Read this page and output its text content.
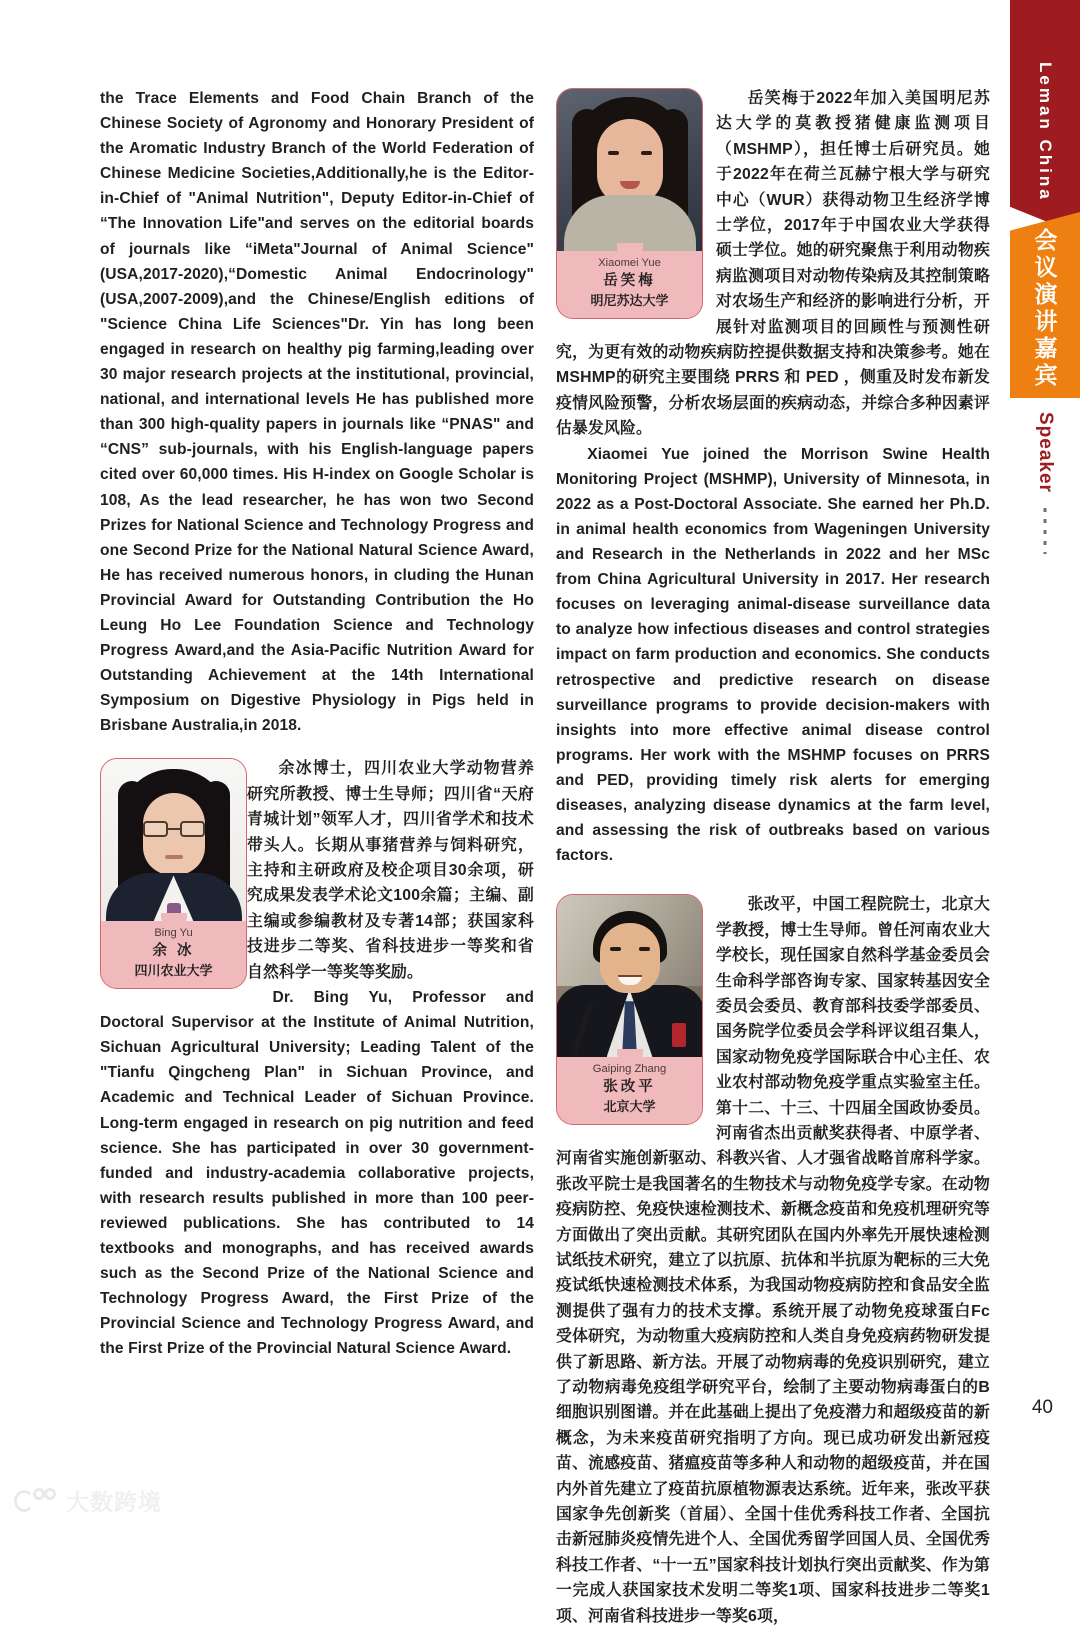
Leman China
会议演讲嘉宾
Speaker

the Trace Elements and Food Chain Branch of the Chinese Society of Agronomy and Honorary President of the Aromatic Industry Branch of the World Federation of Chinese Medicine Societies,Additionally,he is the Editor-in-Chief of "Animal Nutrition", Deputy Editor-in-Chief of “The Innovation Life"and serves on the editorial boards of journals like “iMeta"Journal of Animal Science"(USA,2017-2020),“Domestic Animal Endocrinology"(USA,2007-2009),and the Chinese/English editions of "Science China Life Sciences"Dr. Yin has long been engaged in research on healthy pig farming,leading over 30 major research projects at the institutional, provincial, national, and international levels He has published more than 300 high-quality papers in journals like “PNAS" and “CNS” sub-journals, with his English-language papers cited over 60,000 times. His H-index on Google Scholar is 108, As the lead researcher, he has won two Second Prizes for National Science and Technology Progress and one Second Prize for the National Natural Science Award, He has received numerous honors, in cluding the Hunan Provincial Award for Outstanding Contribution the Ho Leung Ho Lee Foundation Science and Technology Progress Award,and the Asia-Pacific Nutrition Award for Outstanding Achievement at the 14th International Symposium on Digestive Physiology in Pigs held in Brisbane Australia,in 2018.

Bing Yu
余 冰
四川农业大学

余冰博士，四川农业大学动物营养研究所教授、博士生导师；四川省“天府青城计划”领军人才，四川省学术和技术带头人。长期从事猪营养与饲料研究，主持和主研政府及校企项目30余项，研究成果发表学术论文100余篇；主编、副主编或参编教材及专著14部；获国家科技进步二等奖、省科技进步一等奖和省自然科学一等奖等奖励。

Dr. Bing Yu, Professor and Doctoral Supervisor at the Institute of Animal Nutrition, Sichuan Agricultural University; Leading Talent of the "Tianfu Qingcheng Plan" in Sichuan Province, and Academic and Technical Leader of Sichuan Province. Long-term engaged in research on pig nutrition and feed science. She has participated in over 30 government-funded and industry-academia collaborative projects, with research results published in more than 100 peer-reviewed publications. She has contributed to 14 textbooks and monographs, and has received awards such as the Second Prize of the National Science and Technology Progress Award, the First Prize of the Provincial Science and Technology Progress Award, and the First Prize of the Provincial Natural Science Award.

Xiaomei Yue
岳笑梅
明尼苏达大学

岳笑梅于2022年加入美国明尼苏达大学的莫教授猪健康监测项目（MSHMP），担任博士后研究员。她于2022年在荷兰瓦赫宁根大学与研究中心（WUR）获得动物卫生经济学博士学位，2017年于中国农业大学获得硕士学位。她的研究聚焦于利用动物疾病监测项目对动物传染病及其控制策略对农场生产和经济的影响进行分析，开展针对监测项目的回顾性与预测性研究，为更有效的动物疾病防控提供数据支持和决策参考。她在MSHMP的研究主要围绕 PRRS 和 PED ，侧重及时发布新发疫情风险预警，分析农场层面的疾病动态，并综合多种因素评估暴发风险。

Xiaomei Yue joined the Morrison Swine Health Monitoring Project (MSHMP), University of Minnesota, in 2022 as a Post-Doctoral Associate. She earned her Ph.D. in animal health economics from Wageningen University and Research in the Netherlands in 2022 and her MSc from China Agricultural University in 2017. Her research focuses on leveraging animal-disease surveillance data to analyze how infectious diseases and control strategies impact on farm production and economics. She conducts retrospective and predictive research on disease surveillance programs to provide decision-makers with insights into more effective animal disease control programs. Her work with the MSHMP focuses on PRRS and PED, providing timely risk alerts for emerging diseases, analyzing disease dynamics at the farm level, and assessing the risk of outbreaks based on various factors.

Gaiping Zhang
张改平
北京大学

张改平，中国工程院院士，北京大学教授，博士生导师。曾任河南农业大学校长，现任国家自然科学基金委员会生命科学部咨询专家、国家转基因安全委员会委员、教育部科技委学部委员、国务院学位委员会学科评议组召集人，国家动物免疫学国际联合中心主任、农业农村部动物免疫学重点实验室主任。第十二、十三、十四届全国政协委员。河南省杰出贡献奖获得者、中原学者、河南省实施创新驱动、科教兴省、人才强省战略首席科学家。张改平院士是我国著名的生物技术与动物免疫学专家。在动物疫病防控、免疫快速检测技术、新概念疫苗和免疫机理研究等方面做出了突出贡献。其研究团队在国内外率先开展快速检测试纸技术研究，建立了以抗原、抗体和半抗原为靶标的三大免疫试纸快速检测技术体系，为我国动物疫病防控和食品安全监测提供了强有力的技术支撑。系统开展了动物免疫球蛋白Fc受体研究，为动物重大疫病防控和人类自身免疫病药物研发提供了新思路、新方法。开展了动物病毒的免疫识别研究，建立了动物病毒免疫组学研究平台，绘制了主要动物病毒蛋白的B细胞识别图谱。并在此基础上提出了免疫潜力和超级疫苗的新概念，为未来疫苗研究指明了方向。现已成功研发出新冠疫苗、流感疫苗、猪瘟疫苗等多种人和动物的超级疫苗，并在国内外首先建立了疫苗抗原植物源表达系统。近年来，张改平获国家争先创新奖（首届）、全国十佳优秀科技工作者、全国抗击新冠肺炎疫情先进个人、全国优秀留学回国人员、全国优秀科技工作者、“十一五”国家科技计划执行突出贡献奖、作为第一完成人获国家技术发明二等奖1项、国家科技进步二等奖1项、河南省科技进步一等奖6项，

40
大数跨境
